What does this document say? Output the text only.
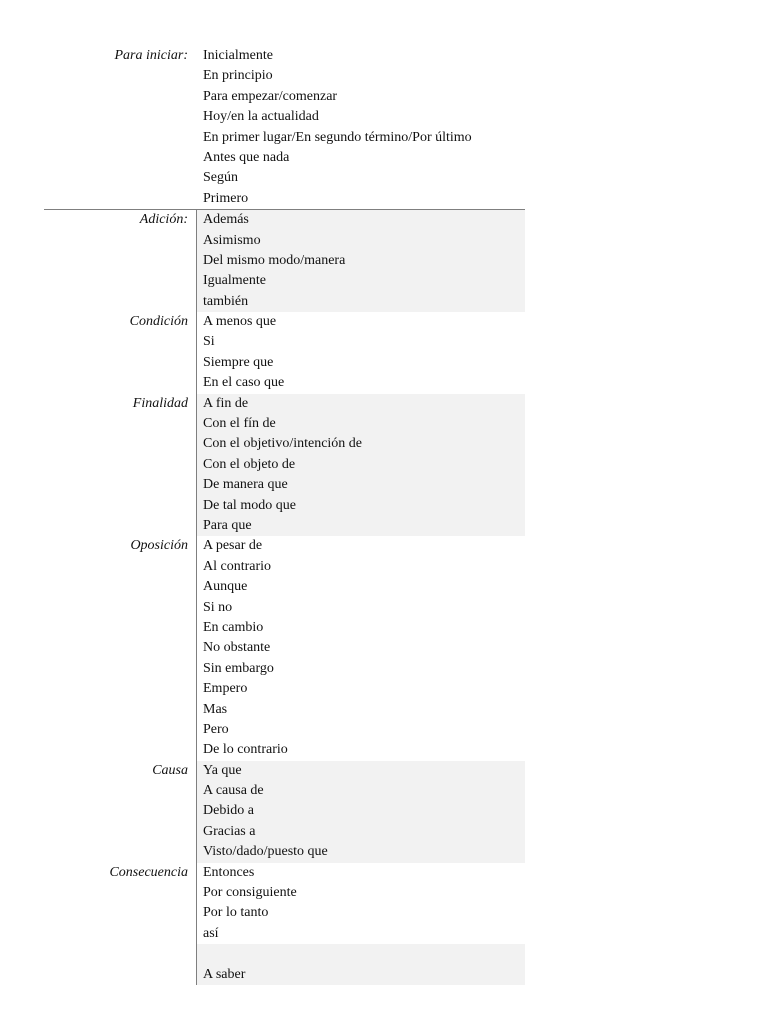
Para iniciar: Inicialmente
En principio
Para empezar/comenzar
Hoy/en la actualidad
En primer lugar/En segundo término/Por último
Antes que nada
Según
Primero
Adición: Además
Asimismo
Del mismo modo/manera
Igualmente
también
Condición A menos que
Si
Siempre que
En el caso que
Finalidad A fin de
Con el fín de
Con el objetivo/intención de
Con el objeto de
De manera que
De tal modo que
Para que
Oposición A pesar de
Al contrario
Aunque
Si no
En cambio
No obstante
Sin embargo
Empero
Mas
Pero
De lo contrario
Causa Ya que
A causa de
Debido a
Gracias a
Visto/dado/puesto que
Consecuencia Entonces
Por consiguiente
Por lo tanto
así
A saber
